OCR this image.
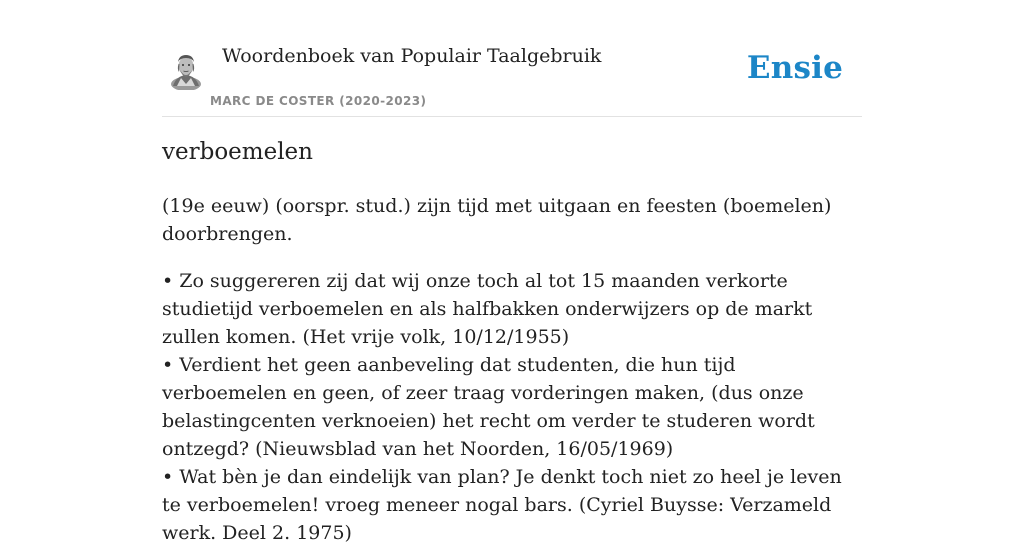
Woordenboek van Populair Taalgebruik
MARC DE COSTER (2020-2023)
Ensie
verboemelen

(19e eeuw) (oorspr. stud.) zijn tijd met uitgaan en feesten (boemelen) doorbrengen.

• Zo suggereren zij dat wij onze toch al tot 15 maanden verkorte studietijd verboemelen en als halfbakken onderwijzers op de markt zullen komen. (Het vrije volk, 10/12/1955)

• Verdient het geen aanbeveling dat studenten, die hun tijd verboemelen en geen, of zeer traag vorderingen maken, (dus onze belastingcenten verknoeien) het recht om verder te studeren wordt ontzegd? (Nieuwsblad van het Noorden, 16/05/1969)

• Wat bèn je dan eindelijk van plan? Je denkt toch niet zo heel je leven te verboemelen! vroeg meneer nogal bars. (Cyriel Buysse: Verzameld werk. Deel 2. 1975)
